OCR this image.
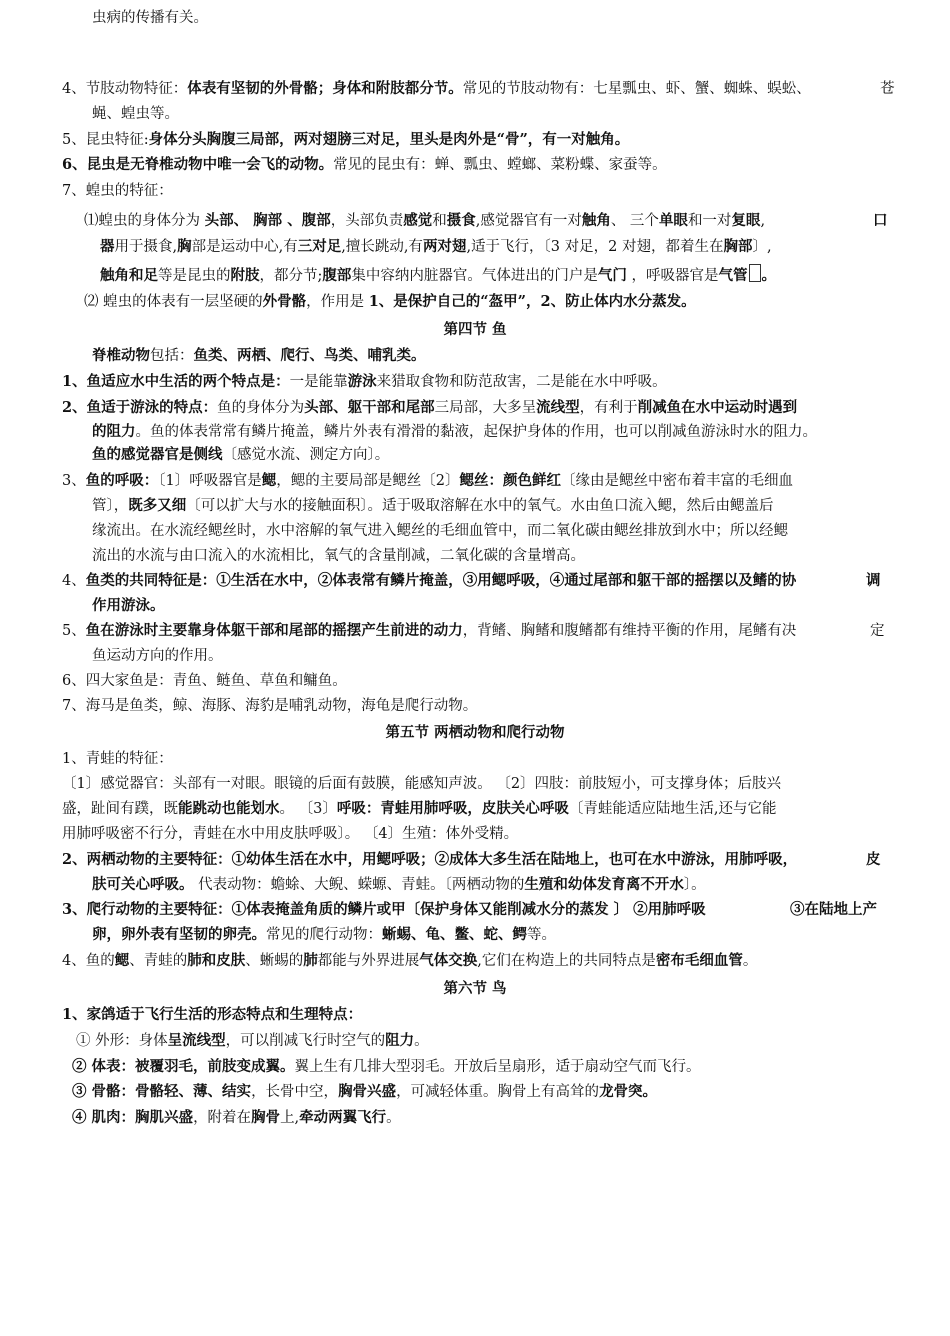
虫病的传播有关。
4、节肢动物特征：体表有坚韧的外骨骼；身体和附肢都分节。常见的节肢动物有：七星瓢虫、虾、蟹、蜘蛛、蜈蚣、	苍
蝇、蝗虫等。
5、昆虫特征:身体分头胸腹三局部，两对翅膀三对足，里头是肉外是“骨”，有一对触角。
6、昆虫是无脊椎动物中唯一会飞的动物。常见的昆虫有：蝉、瓢虫、螳螂、菜粉蝶、家蚕等。
7、蝗虫的特征：
⑴蝗虫的身体分为 头部、 胸部 、腹部，头部负责感觉和摄食,感觉器官有一对触角、 三个单眼和一对复眼,	口
器用于摄食,胸部是运动中心,有三对足,擅长跳动,有两对翅,适于飞行，〔3 对足，2 对翅，都着生在胸部〕,
触角和足等是昆虫的附肢，都分节;腹部集中容纳内脏器官。气体进出的门户是气门 ，呼吸器官是气管 。
⑵ 蝗虫的体表有一层坚硬的外骨骼，作用是 1、是保护自己的“盔甲”，2、防止体内水分蒸发。
第四节 鱼
脊椎动物包括：鱼类、两栖、爬行、鸟类、哺乳类。
1、鱼适应水中生活的两个特点是：一是能靠游泳来猎取食物和防范敌害，二是能在水中呼吸。
2、鱼适于游泳的特点：鱼的身体分为头部、躯干部和尾部三局部，大多呈流线型，有利于削减鱼在水中运动时遇到
的阻力。鱼的体表常常有鳞片掩盖，鳞片外表有滑滑的黏液，起保护身体的作用，也可以削减鱼游泳时水的阻力。
鱼的感觉器官是侧线〔感觉水流、测定方向〕。
3、鱼的呼吸：〔1〕呼吸器官是鳃，鳃的主要局部是鳃丝〔2〕鳃丝：颜色鲜红〔缘由是鳃丝中密布着丰富的毛细血
管〕，既多又细〔可以扩大与水的接触面积〕。适于吸取溶解在水中的氧气。水由鱼口流入鳃，然后由鳃盖后
缘流出。在水流经鳃丝时，水中溶解的氧气进入鳃丝的毛细血管中，而二氧化碳由鳃丝排放到水中；所以经鳃
流出的水流与由口流入的水流相比，氧气的含量削减，二氧化碳的含量增高。
4、鱼类的共同特征是：①生活在水中，②体表常有鳞片掩盖，③用鳃呼吸，④通过尾部和躯干部的摇摆以及鳍的协	调
作用游泳。
5、鱼在游泳时主要靠身体躯干部和尾部的摇摆产生前进的动力，背鳍、胸鳍和腹鳍都有维持平衡的作用，尾鳍有决	定
鱼运动方向的作用。
6、四大家鱼是：青鱼、鲢鱼、草鱼和鳙鱼。
7、海马是鱼类，鲸、海豚、海豹是哺乳动物，海龟是爬行动物。
第五节 两栖动物和爬行动物
1、青蛙的特征：
〔1〕感觉器官：头部有一对眼。眼镜的后面有鼓膜，能感知声波。 〔2〕四肢：前肢短小，可支撑身体；后肢兴
盛，趾间有蹼，既能跳动也能划水。 〔3〕呼吸：青蛙用肺呼吸，皮肤关心呼吸〔青蛙能适应陆地生活,还与它能
用肺呼吸密不行分，青蛙在水中用皮肤呼吸〕。 〔4〕生殖：体外受精。
2、两栖动物的主要特征：①幼体生活在水中，用鳃呼吸；②成体大多生活在陆地上，也可在水中游泳，用肺呼吸，	皮
肤可关心呼吸。 代表动物：蟾蜍、大鲵、蝾螈、青蛙。〔两栖动物的生殖和幼体发育离不开水〕。
3、爬行动物的主要特征：①体表掩盖角质的鳞片或甲〔保护身体又能削减水分的蒸发 〕 ②用肺呼吸	③在陆地上产
卵，卵外表有坚韧的卵壳。常见的爬行动物：蜥蜴、龟、鳖、蛇、鳄等。
4、鱼的鳃、青蛙的肺和皮肤、蜥蜴的肺都能与外界进展气体交换,它们在构造上的共同特点是密布毛细血管。
第六节 鸟
1、家鸽适于飞行生活的形态特点和生理特点：
① 外形：身体呈流线型，可以削减飞行时空气的阻力。
② 体表：被覆羽毛，前肢变成翼。翼上生有几排大型羽毛。开放后呈扇形，适于扇动空气而飞行。
③ 骨骼：骨骼轻、薄、结实，长骨中空，胸骨兴盛，可减轻体重。胸骨上有高耸的龙骨突。
④ 肌肉：胸肌兴盛，附着在胸骨上,牵动两翼飞行。
